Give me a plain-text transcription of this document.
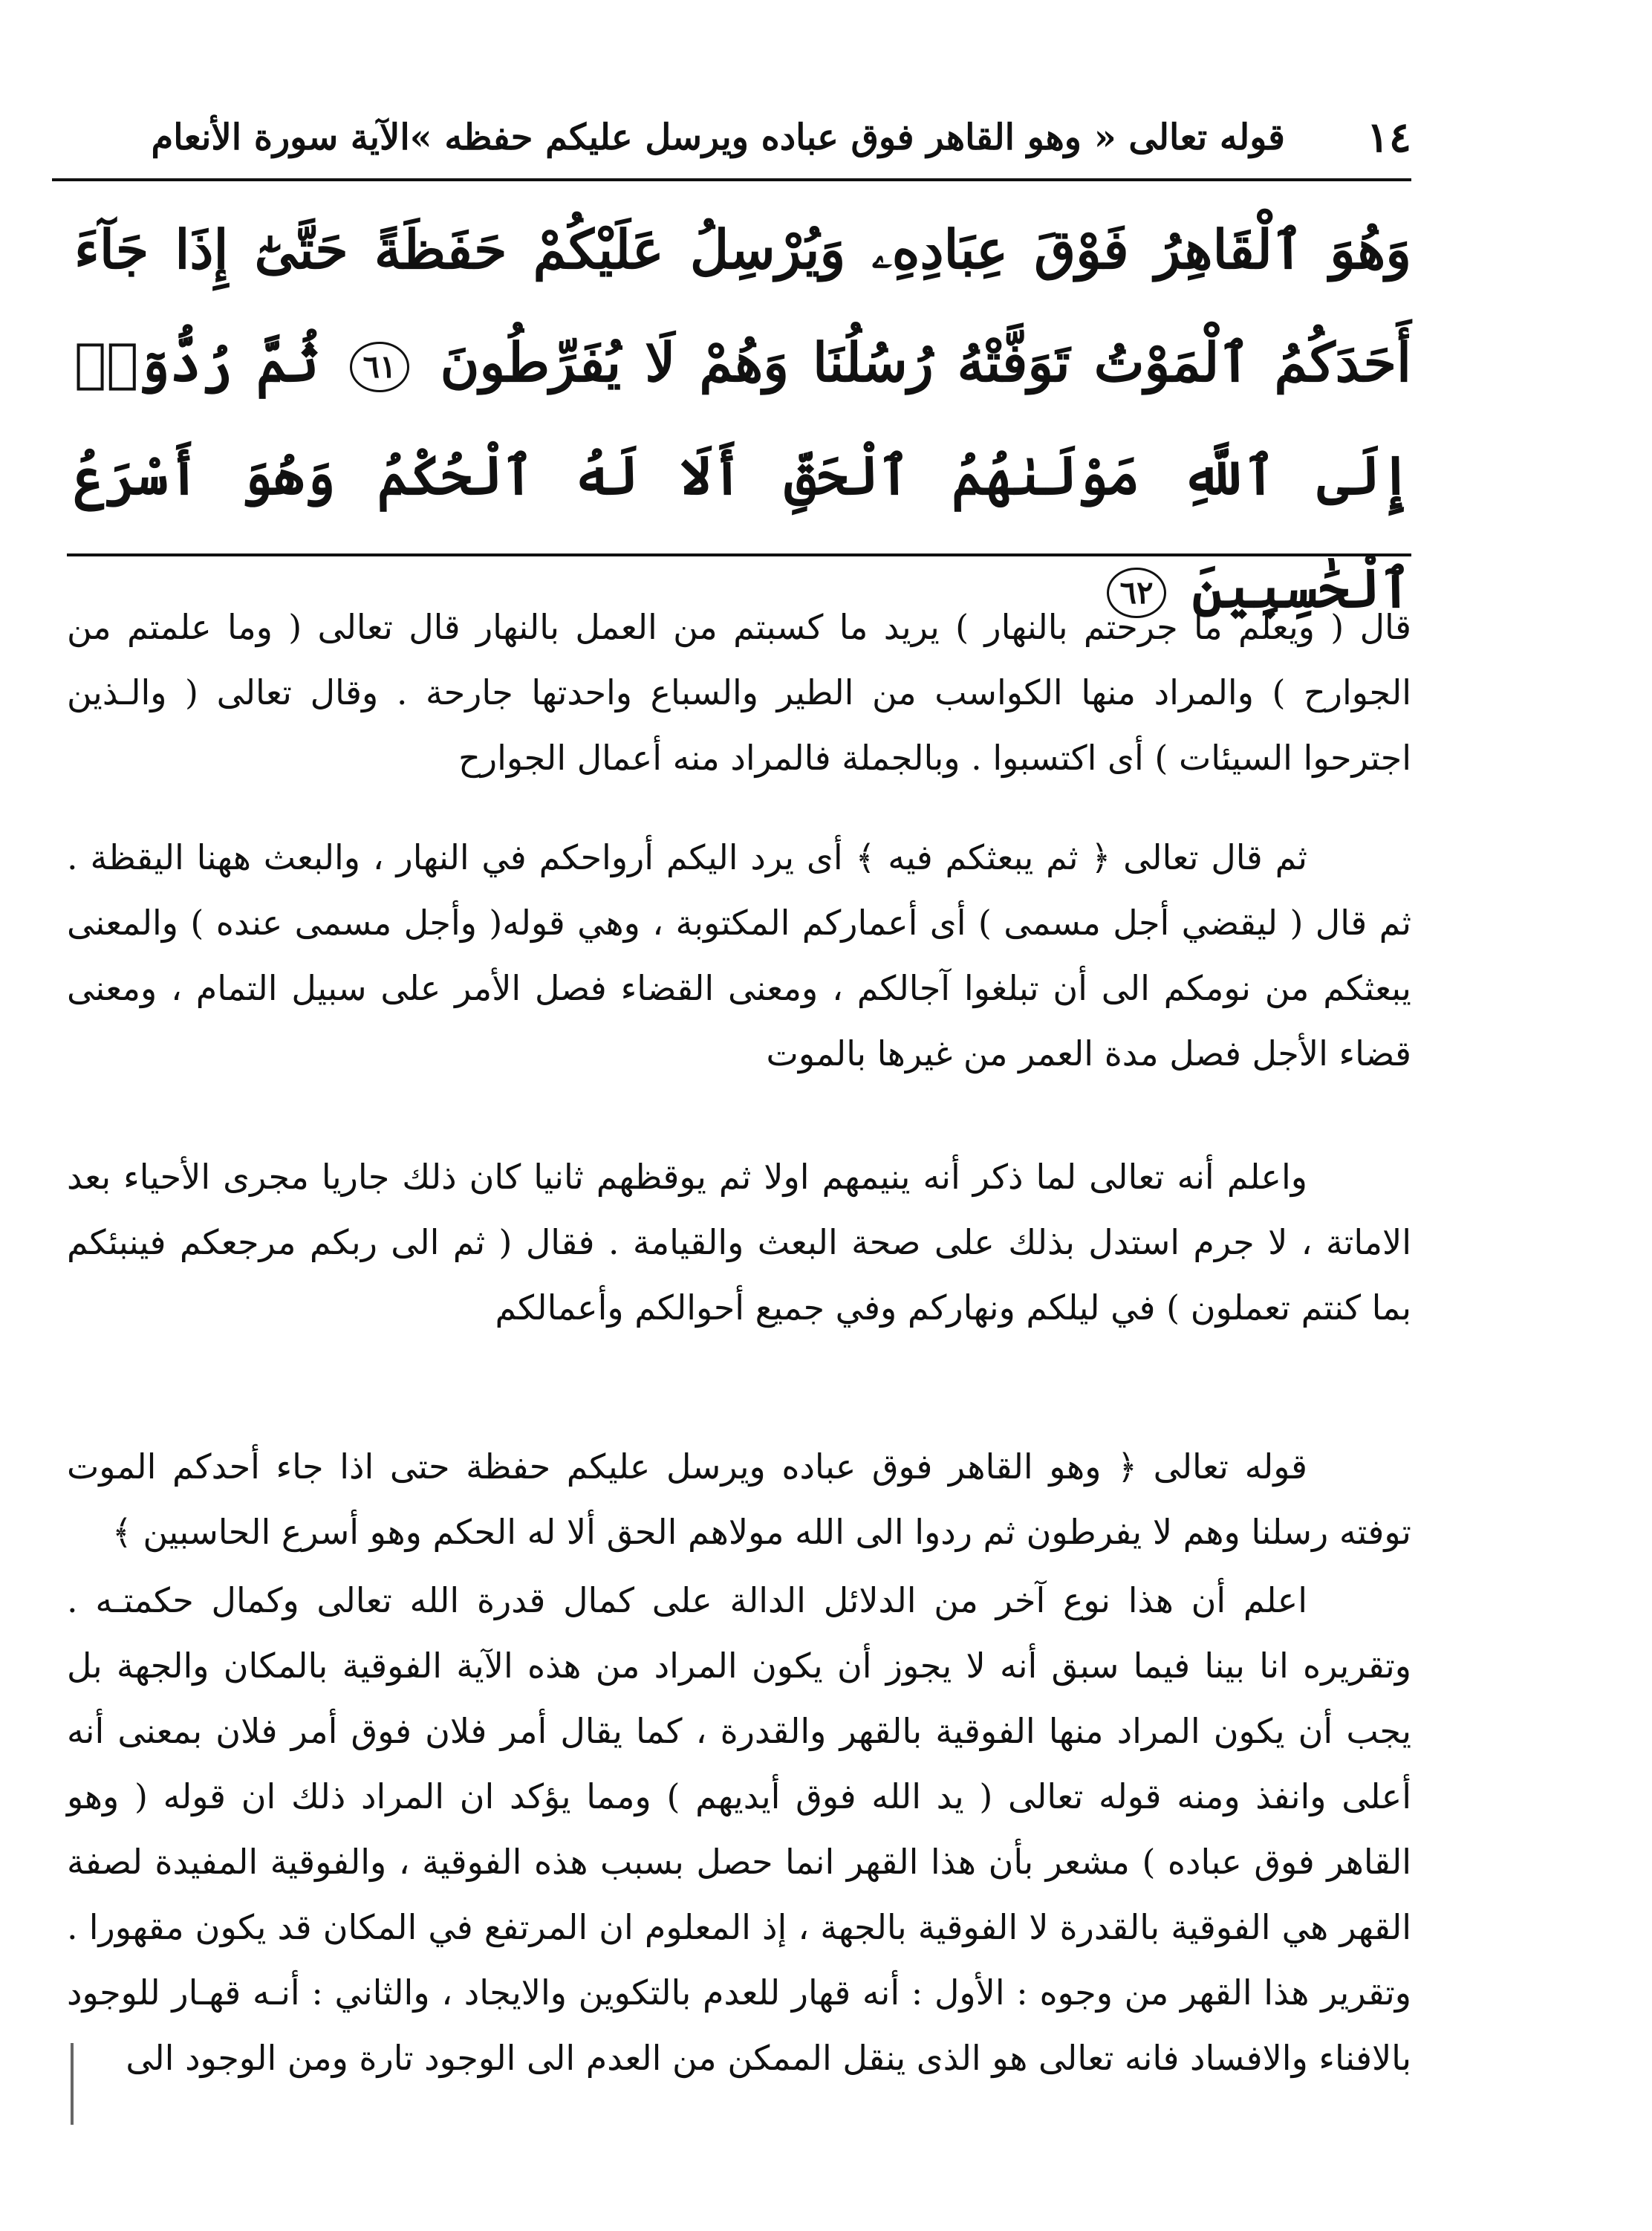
١٤
قوله تعالى « وهو القاهر فوق عباده ويرسل عليكم حفظه »الآية سورة الأنعام
وَهُوَ ٱلْقَاهِرُ فَوْقَ عِبَادِهِۦ وَيُرْسِلُ عَلَيْكُمْ حَفَظَةً حَتَّىٰٓ إِذَا جَآءَ أَحَدَكُمُ ٱلْمَوْتُ تَوَفَّتْهُ رُسُلُنَا وَهُمْ لَا يُفَرِّطُونَ ٦١ ثُمَّ رُدُّوٓا۟ إِلَى ٱللَّهِ مَوْلَىٰهُمُ ٱلْحَقِّ أَلَا لَهُ ٱلْحُكْمُ وَهُوَ أَسْرَعُ ٱلْحَٰسِبِينَ ٦٢

قال ( ويعلم ما جرحتم بالنهار ) يريد ما كسبتم من العمل بالنهار قال تعالى ( وما علمتم من الجوارح ) والمراد منها الكواسب من الطير والسباع واحدتها جارحة . وقال تعالى ( والـذين اجترحوا السيئات ) أى اكتسبوا . وبالجملة فالمراد منه أعمال الجوارح

ثم قال تعالى ﴿ ثم يبعثكم فيه ﴾ أى يرد اليكم أرواحكم في النهار ، والبعث ههنا اليقظة . ثم قال ( ليقضي أجل مسمى ) أى أعماركم المكتوبة ، وهي قوله( وأجل مسمى عنده ) والمعنى يبعثكم من نومكم الى أن تبلغوا آجالكم ، ومعنى القضاء فصل الأمر على سبيل التمام ، ومعنى قضاء الأجل فصل مدة العمر من غيرها بالموت

واعلم أنه تعالى لما ذكر أنه ينيمهم اولا ثم يوقظهم ثانيا كان ذلك جاريا مجرى الأحياء بعد الاماتة ، لا جرم استدل بذلك على صحة البعث والقيامة . فقال ( ثم الى ربكم مرجعكم فينبئكم بما كنتم تعملون ) في ليلكم ونهاركم وفي جميع أحوالكم وأعمالكم

قوله تعالى ﴿ وهو القاهر فوق عباده ويرسل عليكم حفظة حتى اذا جاء أحدكم الموت توفته رسلنا وهم لا يفرطون ثم ردوا الى الله مولاهم الحق ألا له الحكم وهو أسرع الحاسبين ﴾

اعلم أن هذا نوع آخر من الدلائل الدالة على كمال قدرة الله تعالى وكمال حكمتـه . وتقريره انا بينا فيما سبق أنه لا يجوز أن يكون المراد من هذه الآية الفوقية بالمكان والجهة بل يجب أن يكون المراد منها الفوقية بالقهر والقدرة ، كما يقال أمر فلان فوق أمر فلان بمعنى أنه أعلى وانفذ ومنه قوله تعالى ( يد الله فوق أيديهم ) ومما يؤكد ان المراد ذلك ان قوله ( وهو القاهر فوق عباده ) مشعر بأن هذا القهر انما حصل بسبب هذه الفوقية ، والفوقية المفيدة لصفة القهر هي الفوقية بالقدرة لا الفوقية بالجهة ، إذ المعلوم ان المرتفع في المكان قد يكون مقهورا . وتقرير هذا القهر من وجوه : الأول : أنه قهار للعدم بالتكوين والايجاد ، والثاني : أنـه قهـار للوجود بالافناء والافساد فانه تعالى هو الذى ينقل الممكن من العدم الى الوجود تارة ومن الوجود الى
